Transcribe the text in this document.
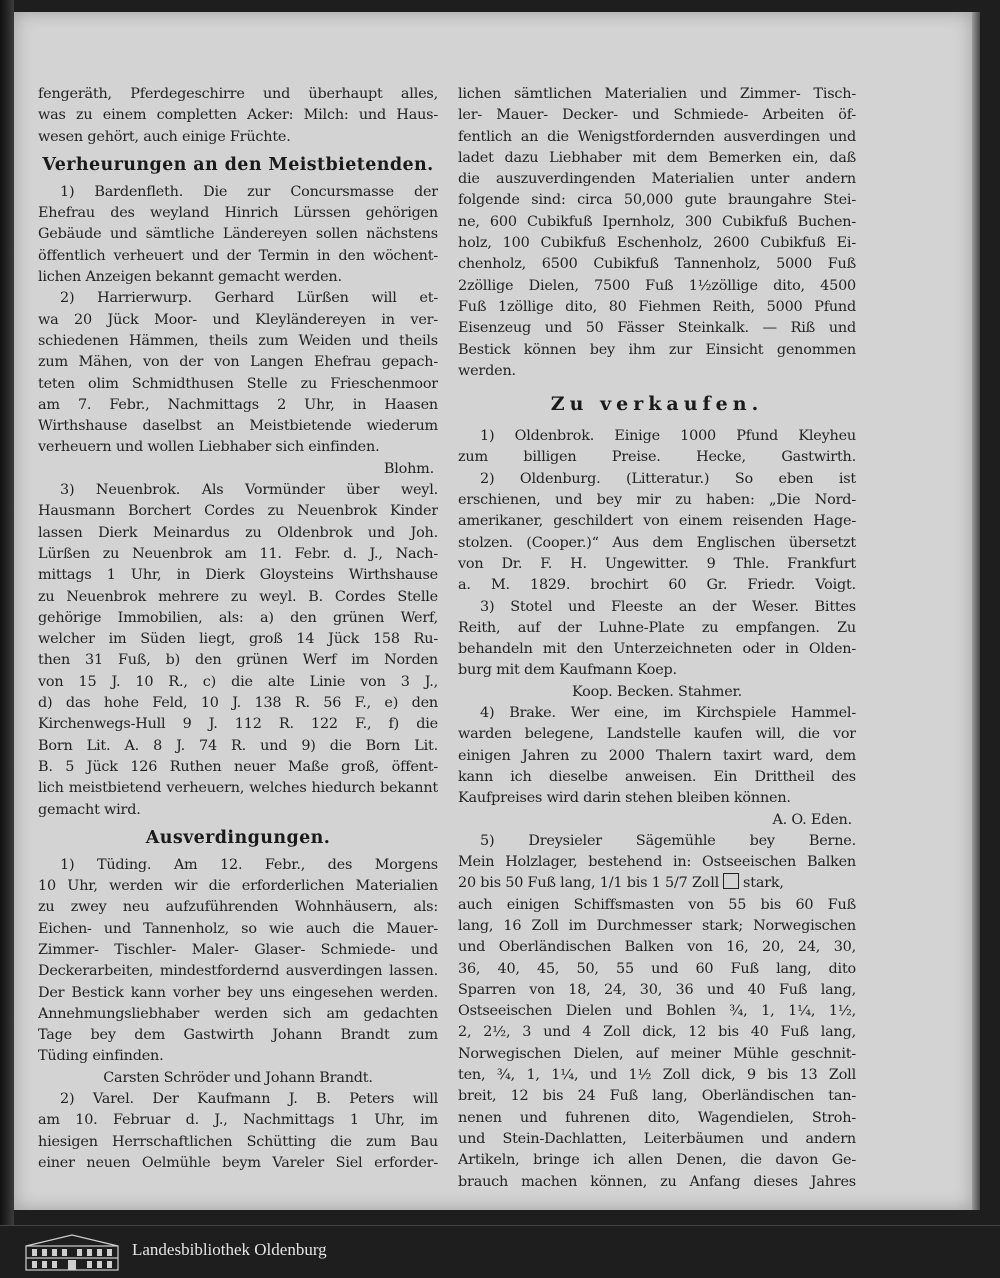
fengeräth, Pferdegeschirre und überhaupt alles,
was zu einem completten Acker: Milch: und Haus-
wesen gehört, auch einige Früchte.
Verheurungen an den Meistbietenden.
1) Bardenfleth. Die zur Concursmasse der
Ehefrau des weyland Hinrich Lürssen gehörigen
Gebäude und sämtliche Ländereyen sollen nächstens
öffentlich verheuert und der Termin in den wöchent-
lichen Anzeigen bekannt gemacht werden.
2) Harrierwurp. Gerhard Lürßen will et-
wa 20 Jück Moor- und Kleyländereyen in ver-
schiedenen Hämmen, theils zum Weiden und theils
zum Mähen, von der von Langen Ehefrau gepach-
teten olim Schmidthusen Stelle zu Frieschenmoor
am 7. Febr., Nachmittags 2 Uhr, in Haasen
Wirthshause daselbst an Meistbietende wiederum
verheuern und wollen Liebhaber sich einfinden.
Blohm.
3) Neuenbrok. Als Vormünder über weyl.
Hausmann Borchert Cordes zu Neuenbrok Kinder
lassen Dierk Meinardus zu Oldenbrok und Joh.
Lürßen zu Neuenbrok am 11. Febr. d. J., Nach-
mittags 1 Uhr, in Dierk Gloysteins Wirthshause
zu Neuenbrok mehrere zu weyl. B. Cordes Stelle
gehörige Immobilien, als: a) den grünen Werf,
welcher im Süden liegt, groß 14 Jück 158 Ru-
then 31 Fuß, b) den grünen Werf im Norden
von 15 J. 10 R., c) die alte Linie von 3 J.,
d) das hohe Feld, 10 J. 138 R. 56 F., e) den
Kirchenwegs-Hull 9 J. 112 R. 122 F., f) die
Born Lit. A. 8 J. 74 R. und 9) die Born Lit.
B. 5 Jück 126 Ruthen neuer Maße groß, öffent-
lich meistbietend verheuern, welches hiedurch bekannt
gemacht wird.
Ausverdingungen.
1) Tüding. Am 12. Febr., des Morgens
10 Uhr, werden wir die erforderlichen Materialien
zu zwey neu aufzuführenden Wohnhäusern, als:
Eichen- und Tannenholz, so wie auch die Mauer-
Zimmer- Tischler- Maler- Glaser- Schmiede- und
Deckerarbeiten, mindestfordernd ausverdingen lassen.
Der Bestick kann vorher bey uns eingesehen werden.
Annehmungsliebhaber werden sich am gedachten
Tage bey dem Gastwirth Johann Brandt zum
Tüding einfinden.
Carsten Schröder und Johann Brandt.
2) Varel. Der Kaufmann J. B. Peters will
am 10. Februar d. J., Nachmittags 1 Uhr, im
hiesigen Herrschaftlichen Schütting die zum Bau
einer neuen Oelmühle beym Vareler Siel erforder-
lichen sämtlichen Materialien und Zimmer- Tisch-
ler- Mauer- Decker- und Schmiede- Arbeiten öf-
fentlich an die Wenigstfordernden ausverdingen und
ladet dazu Liebhaber mit dem Bemerken ein, daß
die auszuverdingenden Materialien unter andern
folgende sind: circa 50,000 gute braungahre Stei-
ne, 600 Cubikfuß Ipernholz, 300 Cubikfuß Buchen-
holz, 100 Cubikfuß Eschenholz, 2600 Cubikfuß Ei-
chenholz, 6500 Cubikfuß Tannenholz, 5000 Fuß
2zöllige Dielen, 7500 Fuß 1½zöllige dito, 4500
Fuß 1zöllige dito, 80 Fiehmen Reith, 5000 Pfund
Eisenzeug und 50 Fässer Steinkalk. — Riß und
Bestick können bey ihm zur Einsicht genommen
werden.
Zu verkaufen.
1) Oldenbrok. Einige 1000 Pfund Kleyheu
zum billigen Preise. Hecke, Gastwirth.
2) Oldenburg. (Litteratur.) So eben ist
erschienen, und bey mir zu haben: „Die Nord-
amerikaner, geschildert von einem reisenden Hage-
stolzen. (Cooper.)“ Aus dem Englischen übersetzt
von Dr. F. H. Ungewitter. 9 Thle. Frankfurt
a. M. 1829. brochirt 60 Gr. Friedr. Voigt.
3) Stotel und Fleeste an der Weser. Bittes
Reith, auf der Luhne-Plate zu empfangen. Zu
behandeln mit den Unterzeichneten oder in Olden-
burg mit dem Kaufmann Koep.
Koop. Becken. Stahmer.
4) Brake. Wer eine, im Kirchspiele Hammel-
warden belegene, Landstelle kaufen will, die vor
einigen Jahren zu 2000 Thalern taxirt ward, dem
kann ich dieselbe anweisen. Ein Drittheil des
Kaufpreises wird darin stehen bleiben können.
A. O. Eden.
5) Dreysieler Sägemühle bey Berne.
Mein Holzlager, bestehend in: Ostseeischen Balken
20 bis 50 Fuß lang, 1/1 bis 1 5/7 Zoll stark,
auch einigen Schiffsmasten von 55 bis 60 Fuß
lang, 16 Zoll im Durchmesser stark; Norwegischen
und Oberländischen Balken von 16, 20, 24, 30,
36, 40, 45, 50, 55 und 60 Fuß lang, dito
Sparren von 18, 24, 30, 36 und 40 Fuß lang,
Ostseeischen Dielen und Bohlen ¾, 1, 1¼, 1½,
2, 2½, 3 und 4 Zoll dick, 12 bis 40 Fuß lang,
Norwegischen Dielen, auf meiner Mühle geschnit-
ten, ¾, 1, 1¼, und 1½ Zoll dick, 9 bis 13 Zoll
breit, 12 bis 24 Fuß lang, Oberländischen tan-
nenen und fuhrenen dito, Wagendielen, Stroh-
und Stein-Dachlatten, Leiterbäumen und andern
Artikeln, bringe ich allen Denen, die davon Ge-
brauch machen können, zu Anfang dieses Jahres
Landesbibliothek Oldenburg
